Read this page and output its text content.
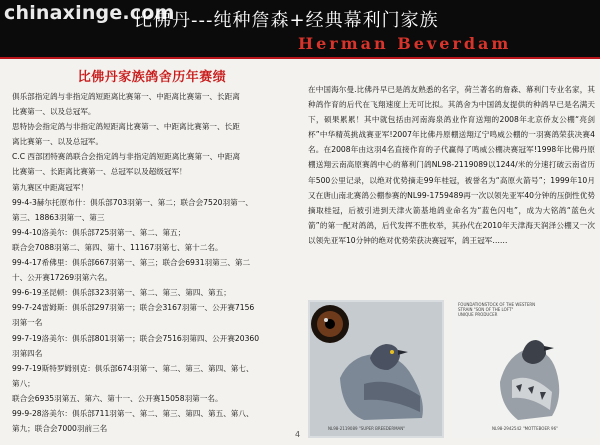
chinaxinge.com
比佛丹---纯种詹森+经典幕利门家族
Herman Beverdam
比佛丹家族鸽舍历年赛绩

俱乐部指定鸽与非指定鸽短距离比赛第一、中距离比赛第一、长距离

比赛第一、以及总冠军。

思特协会指定鸽与非指定鸽短距离比赛第一、中距离比赛第一、长距

离比赛第一、以及总冠军。

C.C 西部团特赛鸽联合会指定鸽与非指定鸽短距离比赛第一、中距离

比赛第一、长距离比赛第一、总冠军以及超级冠军！

第九赛区中距离冠军！

99-4-3赫尔托原布什：俱乐部703羽第一、第二；联合会7520羽第一、

第三、18863羽第一、第三

99-4-10洛美尔：俱乐部725羽第一、第二、第五；

联合会7088羽第二、第四、第十、11167羽第七、第十二名。

99-4-17希佛里：俱乐部667羽第一、第三；联合会6931羽第三、第二

十、公开赛17269羽第六名。

99-6-19圣昆顿：俱乐部323羽第一、第二、第三、第四、第五；

99-7-24雷姆斯：俱乐部297羽第一；联合会3167羽第一、公开赛7156

羽第一名

99-7-19洛美尔：俱乐部801羽第一；联合会7516羽第四、公开赛20360

羽第四名

99-7-19斯特罗姆别克：俱乐部674羽第一、第二、第三、第四、第七、

第八；

联合会6935羽第五、第六、第十一、公开赛15058羽第一名。

99-9-28洛美尔：俱乐部711羽第一、第二、第三、第四、第五、第八、

第九；联合会7000羽前三名

在中国海尔曼.比佛丹早已是鸽友熟悉的名字，荷兰著名的詹森、幕利门专业名家，其种鸽作育的后代在飞翔速度上无可比拟。其鸽舍为中国鸽友提供的种鸽早已是名满天下，硕果累累！其中就包括由河南海泉鸽业作育送翔的2008年北京侨友公棚“亮剑杯”中华精英挑战赛亚军!2007年比佛丹原棚送翔辽宁鸣威公棚的一羽赛鸽荣获决赛4名。在2008年由这羽4名直接作育的子代赢得了鸣威公棚决赛冠军!1998年比佛丹原棚送翔云南高原赛鸽中心的幕利门鸽NL98-2119089以1244/米的分速打破云南省历年500公里记录，以绝对优势摘走99年桂冠，被誉名为“高原火箭号”；1999年10月又在唐山南北赛鸽公棚参赛的NL99-1759489再一次以领先亚军40分钟的压倒性优势摘取桂冠，后被引进到天津火箭基地鸽业命名为“蓝色闪电”，成为大铭鸽“蓝色火箭”的第一配对鸽鸽，后代发挥不胜枚举，其孙代在2010年天津海天润泽公棚又一次以领先亚军10分钟的绝对优势荣获决赛冠军，鸽王冠军……

NL98-2119089 "SUPER BREEDERMAN"
FOUNDATIONSTOCK OF THE WESTERN
STRAIN "SON OF THE LOFT"
UNIQUE PRODUCER
NL98-2942542 "MOTTEBOER 96"
4
